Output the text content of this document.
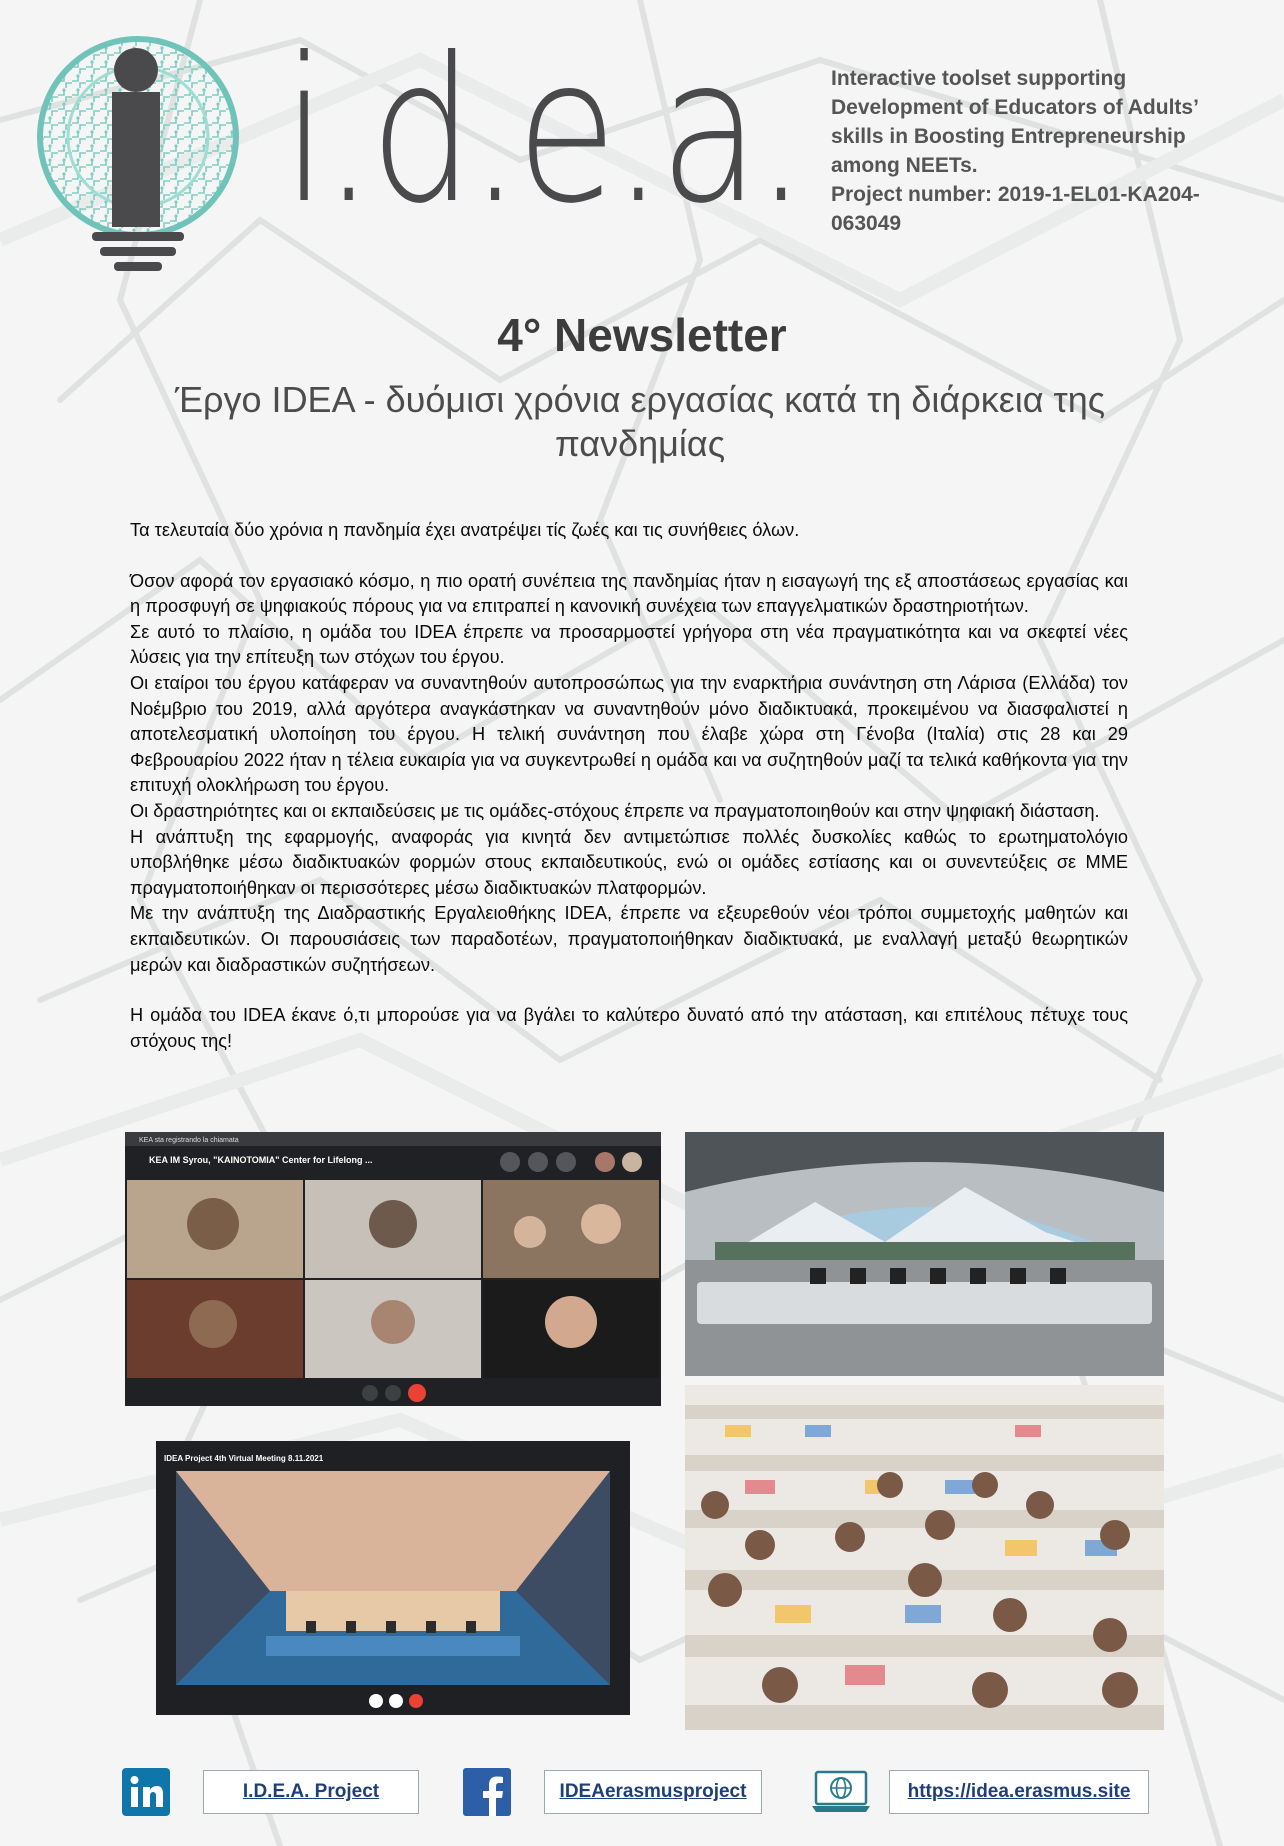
i.d.e.a. Interactive toolset supporting Development of Educators of Adults’ skills in Boosting Entrepreneurship among NEETs.
Project number: 2019-1-EL01-KA204-063049
4° Newsletter
Έργο IDEA - δυόμισι χρόνια εργασίας κατά τη διάρκεια της πανδημίας

Τα τελευταία δύο χρόνια η πανδημία έχει ανατρέψει τίς ζωές και τις συνήθειες όλων.

Όσον αφορά τον εργασιακό κόσμο, η πιο ορατή συνέπεια της πανδημίας ήταν η εισαγωγή της εξ αποστάσεως εργασίας και η προσφυγή σε ψηφιακούς πόρους για να επιτραπεί η κανονική συνέχεια των επαγγελματικών δραστηριοτήτων.

Σε αυτό το πλαίσιο, η ομάδα του IDEA έπρεπε να προσαρμοστεί γρήγορα στη νέα πραγματικότητα και να σκεφτεί νέες λύσεις για την επίτευξη των στόχων του έργου.

Οι εταίροι του έργου κατάφεραν να συναντηθούν αυτοπροσώπως για την εναρκτήρια συνάντηση στη Λάρισα (Ελλάδα) τον Νοέμβριο του 2019, αλλά αργότερα αναγκάστηκαν να συναντηθούν μόνο διαδικτυακά, προκειμένου να διασφαλιστεί η αποτελεσματική υλοποίηση του έργου. Η τελική συνάντηση που έλαβε χώρα στη Γένοβα (Ιταλία) στις 28 και 29 Φεβρουαρίου 2022 ήταν η τέλεια ευκαιρία για να συγκεντρωθεί η ομάδα και να συζητηθούν μαζί τα τελικά καθήκοντα για την επιτυχή ολοκλήρωση του έργου.

Οι δραστηριότητες και οι εκπαιδεύσεις με τις ομάδες-στόχους έπρεπε να πραγματοποιηθούν και στην ψηφιακή διάσταση.

Η ανάπτυξη της εφαρμογής, αναφοράς για κινητά δεν αντιμετώπισε πολλές δυσκολίες καθώς το ερωτηματολόγιο υποβλήθηκε μέσω διαδικτυακών φορμών στους εκπαιδευτικούς, ενώ οι ομάδες εστίασης και οι συνεντεύξεις σε ΜΜΕ πραγματοποιήθηκαν οι περισσότερες μέσω διαδικτυακών πλατφορμών.

Με την ανάπτυξη της Διαδραστικής Εργαλειοθήκης IDEA, έπρεπε να εξευρεθούν νέοι τρόποι συμμετοχής μαθητών και εκπαιδευτικών. Οι παρουσιάσεις των παραδοτέων, πραγματοποιήθηκαν διαδικτυακά, με εναλλαγή μεταξύ θεωρητικών μερών και διαδραστικών συζητήσεων.

Η ομάδα του IDEA έκανε ό,τι μπορούσε για να βγάλει το καλύτερο δυνατό από την ατάσταση, και επιτέλους πέτυχε τους στόχους της!

KEA sta registrando la chiamata
KEA IM Syrou, "KAINOTOMIA" Center for Lifelong ...
IDEA Project 4th Virtual Meeting 8.11.2021
I.D.E.A. Project	IDEAerasmusproject	https://idea.erasmus.site
